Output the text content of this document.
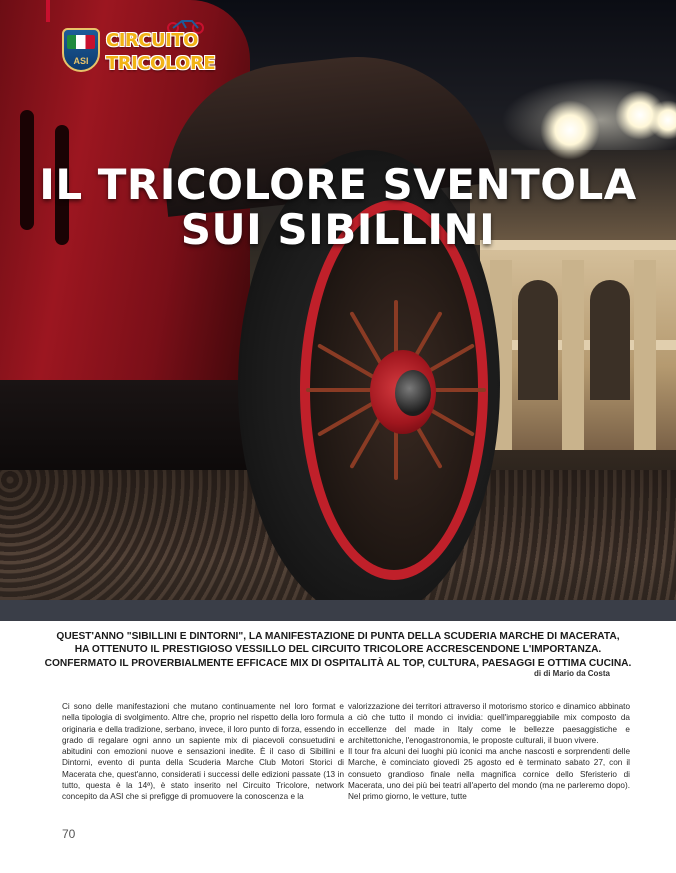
ASI
CIRCUITO
TRICOLORE
IL TRICOLORE SVENTOLA
SUI SIBILLINI
QUEST'ANNO "SIBILLINI E DINTORNI", LA MANIFESTAZIONE DI PUNTA DELLA SCUDERIA MARCHE DI MACERATA,
HA OTTENUTO IL PRESTIGIOSO VESSILLO DEL CIRCUITO TRICOLORE ACCRESCENDONE L'IMPORTANZA.
CONFERMATO IL PROVERBIALMENTE EFFICACE MIX DI OSPITALITÀ AL TOP, CULTURA, PAESAGGI E OTTIMA CUCINA.
di di Mario da Costa

Ci sono delle manifestazioni che mutano continuamente nel loro format e nella tipologia di svolgimento. Altre che, proprio nel rispetto della loro formula originaria e della tradizione, serbano, invece, il loro punto di forza, essendo in grado di regalare ogni anno un sapiente mix di piacevoli consuetudini e abitudini con emozioni nuove e sensazioni inedite. È il caso di Sibillini e Dintorni, evento di punta della Scuderia Marche Club Motori Storici di Macerata che, quest'anno, considerati i successi delle edizioni passate (13 in tutto, questa è la 14ª), è stato inserito nel Circuito Tricolore, network concepito da ASI che si prefigge di promuovere la conoscenza e la

valorizzazione dei territori attraverso il motorismo storico e dinamico abbinato a ciò che tutto il mondo ci invidia: quell'impareggiabile mix composto da eccellenze del made in Italy come le bellezze paesaggistiche e architettoniche, l'enogastronomia, le proposte culturali, il buon vivere.

Il tour fra alcuni dei luoghi più iconici ma anche nascosti e sorprendenti delle Marche, è cominciato giovedì 25 agosto ed è terminato sabato 27, con il consueto grandioso finale nella magnifica cornice dello Sferisterio di Macerata, uno dei più bei teatri all'aperto del mondo (ma ne parleremo dopo). Nel primo giorno, le vetture, tutte

70
